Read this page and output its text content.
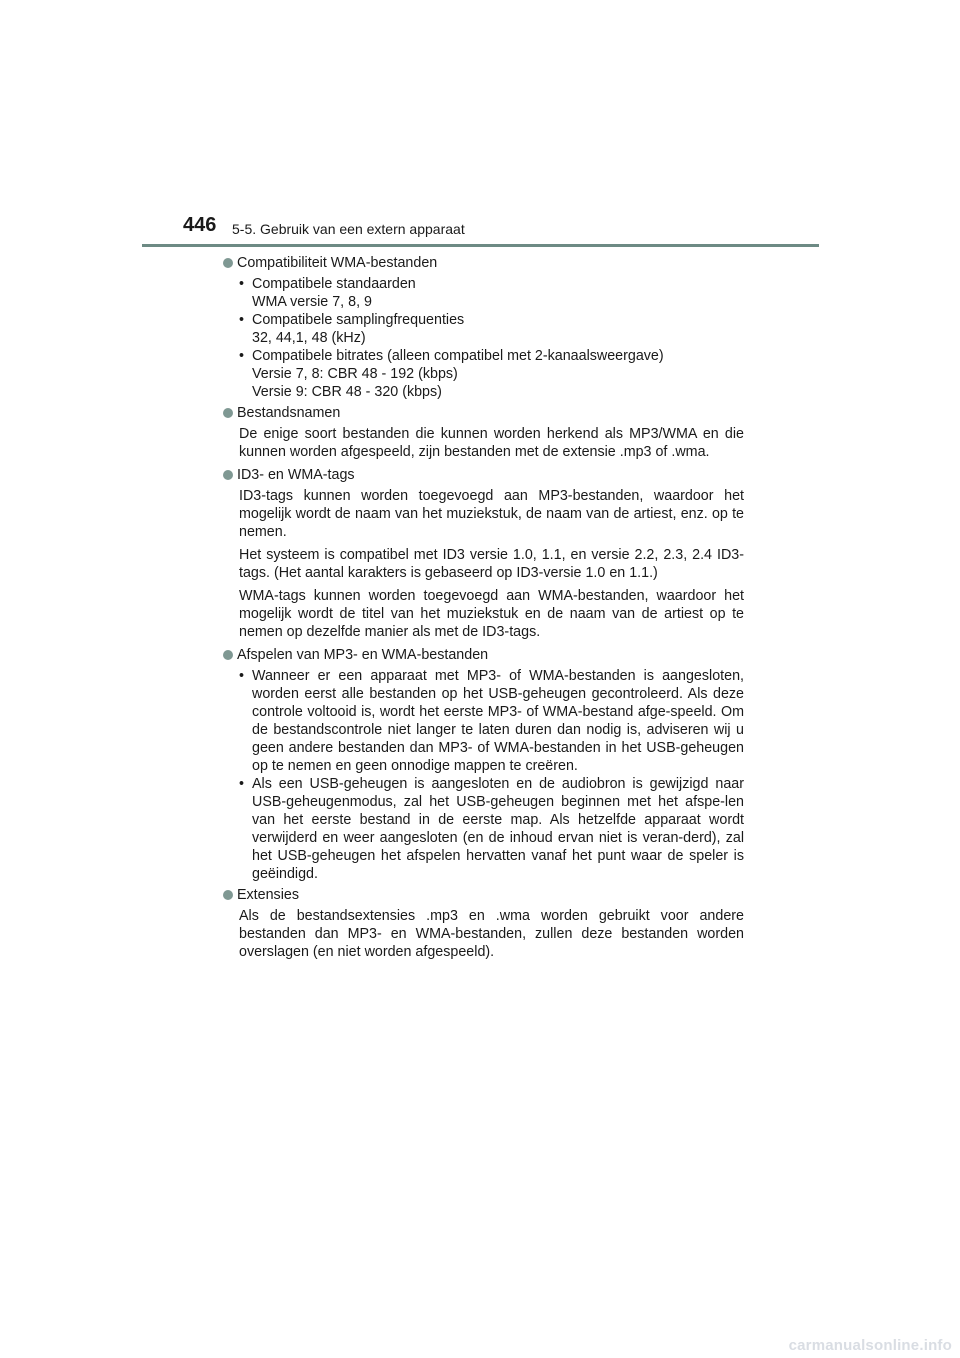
446 5-5. Gebruik van een extern apparaat
Compatibiliteit WMA-bestanden
• Compatibele standaarden
WMA versie 7, 8, 9
• Compatibele samplingfrequenties
32, 44,1, 48 (kHz)
• Compatibele bitrates (alleen compatibel met 2-kanaalsweergave)
Versie 7, 8: CBR 48 - 192 (kbps)
Versie 9: CBR 48 - 320 (kbps)
Bestandsnamen
De enige soort bestanden die kunnen worden herkend als MP3/WMA en die kunnen worden afgespeeld, zijn bestanden met de extensie .mp3 of .wma.
ID3- en WMA-tags
ID3-tags kunnen worden toegevoegd aan MP3-bestanden, waardoor het mogelijk wordt de naam van het muziekstuk, de naam van de artiest, enz. op te nemen.
Het systeem is compatibel met ID3 versie 1.0, 1.1, en versie 2.2, 2.3, 2.4 ID3-tags. (Het aantal karakters is gebaseerd op ID3-versie 1.0 en 1.1.)
WMA-tags kunnen worden toegevoegd aan WMA-bestanden, waardoor het mogelijk wordt de titel van het muziekstuk en de naam van de artiest op te nemen op dezelfde manier als met de ID3-tags.
Afspelen van MP3- en WMA-bestanden
• Wanneer er een apparaat met MP3- of WMA-bestanden is aangesloten, worden eerst alle bestanden op het USB-geheugen gecontroleerd. Als deze controle voltooid is, wordt het eerste MP3- of WMA-bestand afge-speeld. Om de bestandscontrole niet langer te laten duren dan nodig is, adviseren wij u geen andere bestanden dan MP3- of WMA-bestanden in het USB-geheugen op te nemen en geen onnodige mappen te creëren.
• Als een USB-geheugen is aangesloten en de audiobron is gewijzigd naar USB-geheugenmodus, zal het USB-geheugen beginnen met het afspe-len van het eerste bestand in de eerste map. Als hetzelfde apparaat wordt verwijderd en weer aangesloten (en de inhoud ervan niet is veran-derd), zal het USB-geheugen het afspelen hervatten vanaf het punt waar de speler is geëindigd.
Extensies
Als de bestandsextensies .mp3 en .wma worden gebruikt voor andere bestanden dan MP3- en WMA-bestanden, zullen deze bestanden worden overslagen (en niet worden afgespeeld).
carmanualsonline.info
